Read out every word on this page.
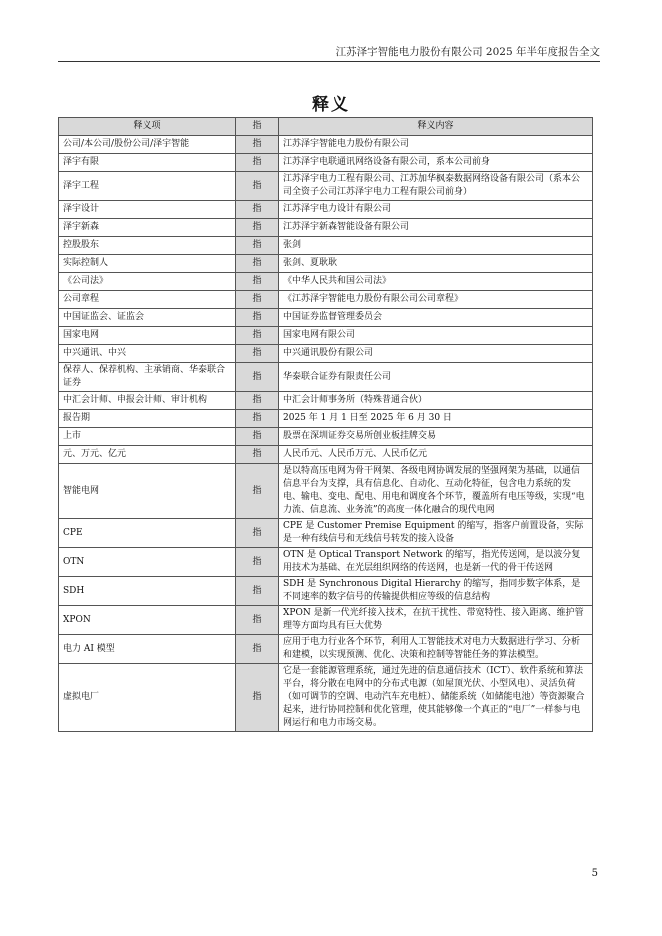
江苏泽宇智能电力股份有限公司 2025 年半年度报告全文
释义
释义项	指	释义内容
公司/本公司/股份公司/泽宇智能	指	江苏泽宇智能电力股份有限公司
泽宇有限	指	江苏泽宇电联通讯网络设备有限公司，系本公司前身
泽宇工程	指	江苏泽宇电力工程有限公司、江苏加华枫泰数据网络设备有限公司（系本公司全资子公司江苏泽宇电力工程有限公司前身）
泽宇设计	指	江苏泽宇电力设计有限公司
泽宇新森	指	江苏泽宇新森智能设备有限公司
控股股东	指	张剑
实际控制人	指	张剑、夏耿耿
《公司法》	指	《中华人民共和国公司法》
公司章程	指	《江苏泽宇智能电力股份有限公司公司章程》
中国证监会、证监会	指	中国证券监督管理委员会
国家电网	指	国家电网有限公司
中兴通讯、中兴	指	中兴通讯股份有限公司
保荐人、保荐机构、主承销商、华泰联合证券	指	华泰联合证券有限责任公司
中汇会计师、申报会计师、审计机构	指	中汇会计师事务所（特殊普通合伙）
报告期	指	2025 年 1 月 1 日至 2025 年 6 月 30 日
上市	指	股票在深圳证券交易所创业板挂牌交易
元、万元、亿元	指	人民币元、人民币万元、人民币亿元
智能电网	指	是以特高压电网为骨干网架、各级电网协调发展的坚强网架为基础，以通信信息平台为支撑，具有信息化、自动化、互动化特征，包含电力系统的发电、输电、变电、配电、用电和调度各个环节，覆盖所有电压等级，实现“电力流、信息流、业务流”的高度一体化融合的现代电网
CPE	指	CPE 是 Customer Premise Equipment 的缩写，指客户前置设备，实际是一种有线信号和无线信号转发的接入设备
OTN	指	OTN 是 Optical Transport Network 的缩写，指光传送网，是以波分复用技术为基础、在光层组织网络的传送网，也是新一代的骨干传送网
SDH	指	SDH 是 Synchronous Digital Hierarchy 的缩写，指同步数字体系，是不同速率的数字信号的传输提供相应等级的信息结构
XPON	指	XPON 是新一代光纤接入技术，在抗干扰性、带宽特性、接入距离、维护管理等方面均具有巨大优势
电力 AI 模型	指	应用于电力行业各个环节，利用人工智能技术对电力大数据进行学习、分析和建模，以实现预测、优化、决策和控制等智能任务的算法模型。
虚拟电厂	指	它是一套能源管理系统，通过先进的信息通信技术（ICT）、软件系统和算法平台，将分散在电网中的分布式电源（如屋顶光伏、小型风电）、灵活负荷（如可调节的空调、电动汽车充电桩）、储能系统（如储能电池）等资源聚合起来，进行协同控制和优化管理，使其能够像一个真正的“电厂”一样参与电网运行和电力市场交易。
5
